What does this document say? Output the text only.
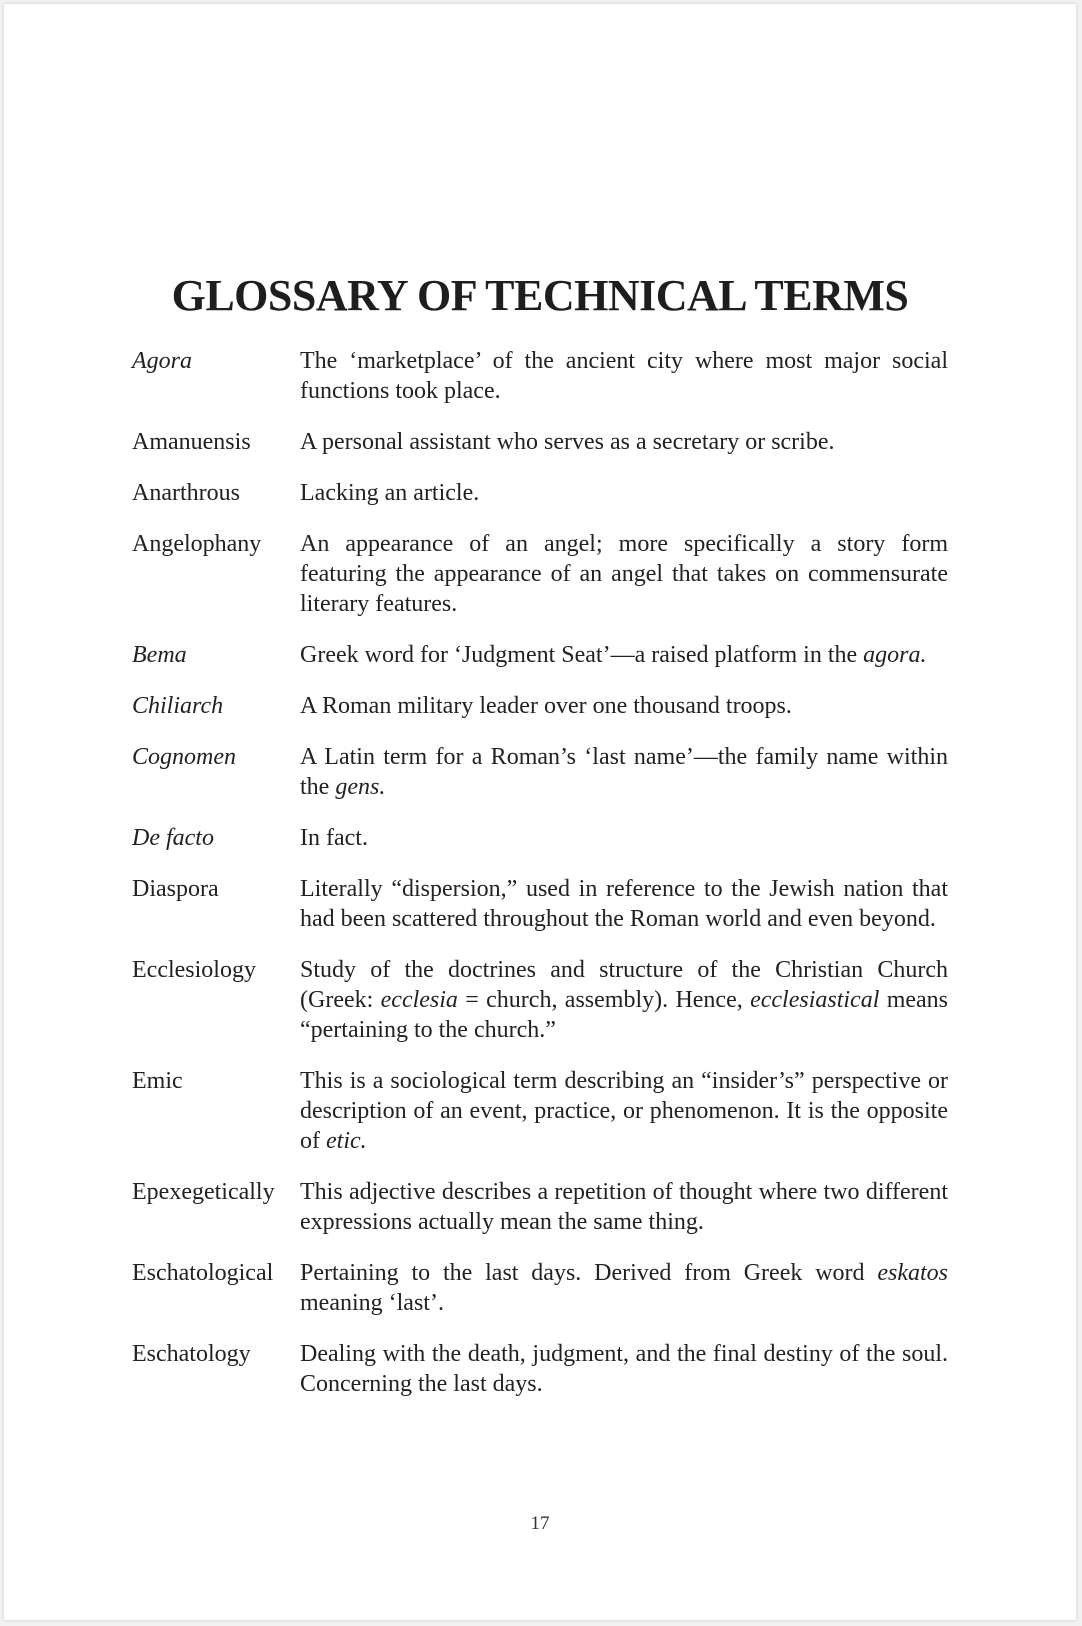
GLOSSARY OF TECHNICAL TERMS
Agora	The ‘marketplace’ of the ancient city where most major social functions took place.
Amanuensis	A personal assistant who serves as a secretary or scribe.
Anarthrous	Lacking an article.
Angelophany	An appearance of an angel; more specifically a story form featuring the appearance of an angel that takes on commensurate literary features.
Bema	Greek word for ‘Judgment Seat’—a raised platform in the agora.
Chiliarch	A Roman military leader over one thousand troops.
Cognomen	A Latin term for a Roman’s ‘last name’—the family name within the gens.
De facto	In fact.
Diaspora	Literally “dispersion,” used in reference to the Jewish nation that had been scattered throughout the Roman world and even beyond.
Ecclesiology	Study of the doctrines and structure of the Christian Church (Greek: ecclesia = church, assembly). Hence, ecclesiastical means “pertaining to the church.”
Emic	This is a sociological term describing an “insider’s” perspective or description of an event, practice, or phenomenon. It is the opposite of etic.
Epexegetically	This adjective describes a repetition of thought where two different expressions actually mean the same thing.
Eschatological	Pertaining to the last days. Derived from Greek word eskatos meaning ‘last’.
Eschatology	Dealing with the death, judgment, and the final destiny of the soul. Concerning the last days.
17
